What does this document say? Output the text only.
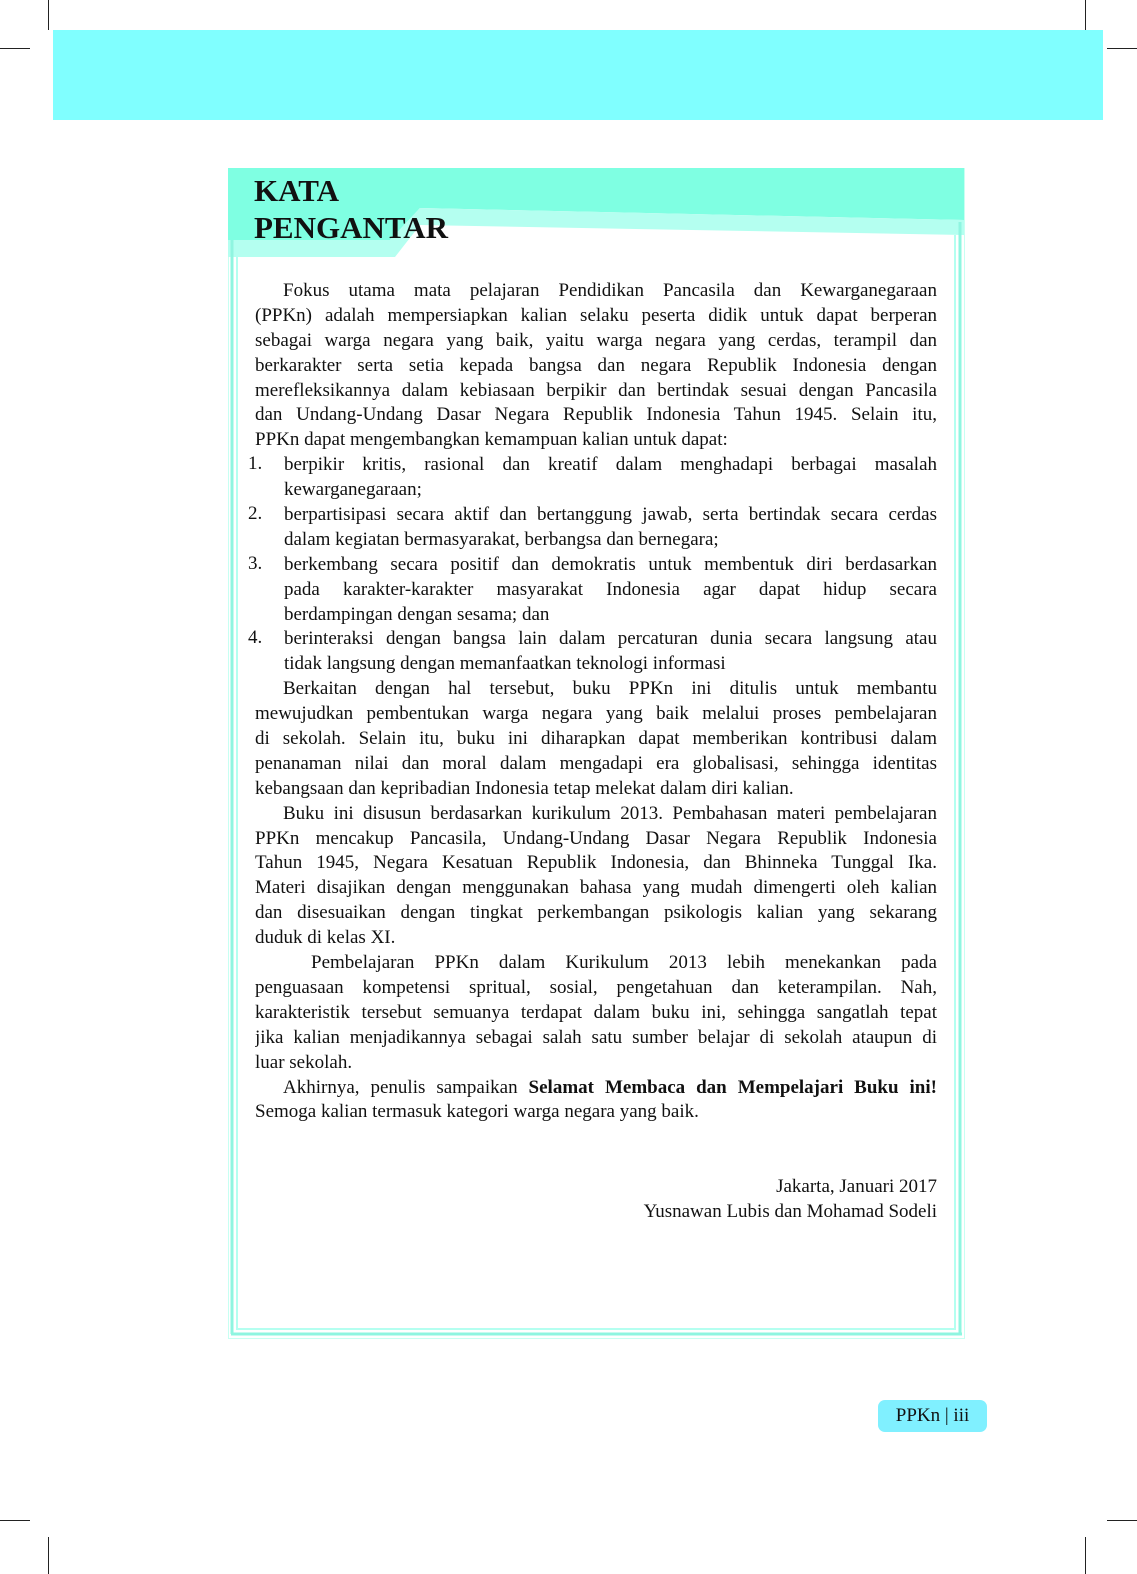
KATA
PENGANTAR
Fokus utama mata pelajaran Pendidikan Pancasila dan Kewarganegaraan
(PPKn) adalah mempersiapkan kalian selaku peserta didik untuk dapat berperan
sebagai warga negara yang baik, yaitu warga negara yang cerdas, terampil dan
berkarakter serta setia kepada bangsa dan negara Republik Indonesia dengan
merefleksikannya dalam kebiasaan berpikir dan bertindak sesuai dengan Pancasila
dan Undang-Undang Dasar Negara Republik Indonesia Tahun 1945. Selain itu,
PPKn dapat mengembangkan kemampuan kalian untuk dapat:
1. berpikir kritis, rasional dan kreatif dalam menghadapi berbagai masalah
kewarganegaraan;
2. berpartisipasi secara aktif dan bertanggung jawab, serta bertindak secara cerdas
dalam kegiatan bermasyarakat, berbangsa dan bernegara;
3. berkembang secara positif dan demokratis untuk membentuk diri berdasarkan
pada karakter-karakter masyarakat Indonesia agar dapat hidup secara
berdampingan dengan sesama; dan
4. berinteraksi dengan bangsa lain dalam percaturan dunia secara langsung atau
tidak langsung dengan memanfaatkan teknologi informasi
Berkaitan dengan hal tersebut, buku PPKn ini ditulis untuk membantu
mewujudkan pembentukan warga negara yang baik melalui proses pembelajaran
di sekolah. Selain itu, buku ini diharapkan dapat memberikan kontribusi dalam
penanaman nilai dan moral dalam mengadapi era globalisasi, sehingga identitas
kebangsaan dan kepribadian Indonesia tetap melekat dalam diri kalian.
Buku ini disusun berdasarkan kurikulum 2013. Pembahasan materi pembelajaran
PPKn mencakup Pancasila, Undang-Undang Dasar Negara Republik Indonesia
Tahun 1945, Negara Kesatuan Republik Indonesia, dan Bhinneka Tunggal Ika.
Materi disajikan dengan menggunakan bahasa yang mudah dimengerti oleh kalian
dan disesuaikan dengan tingkat perkembangan psikologis kalian yang sekarang
duduk di kelas XI.
Pembelajaran PPKn dalam Kurikulum 2013 lebih menekankan pada
penguasaan kompetensi spritual, sosial, pengetahuan dan keterampilan. Nah,
karakteristik tersebut semuanya terdapat dalam buku ini, sehingga sangatlah tepat
jika kalian menjadikannya sebagai salah satu sumber belajar di sekolah ataupun di
luar sekolah.
Akhirnya, penulis sampaikan Selamat Membaca dan Mempelajari Buku ini!
Semoga kalian termasuk kategori warga negara yang baik.
Jakarta, Januari 2017
Yusnawan Lubis dan Mohamad Sodeli
PPKn | iii
